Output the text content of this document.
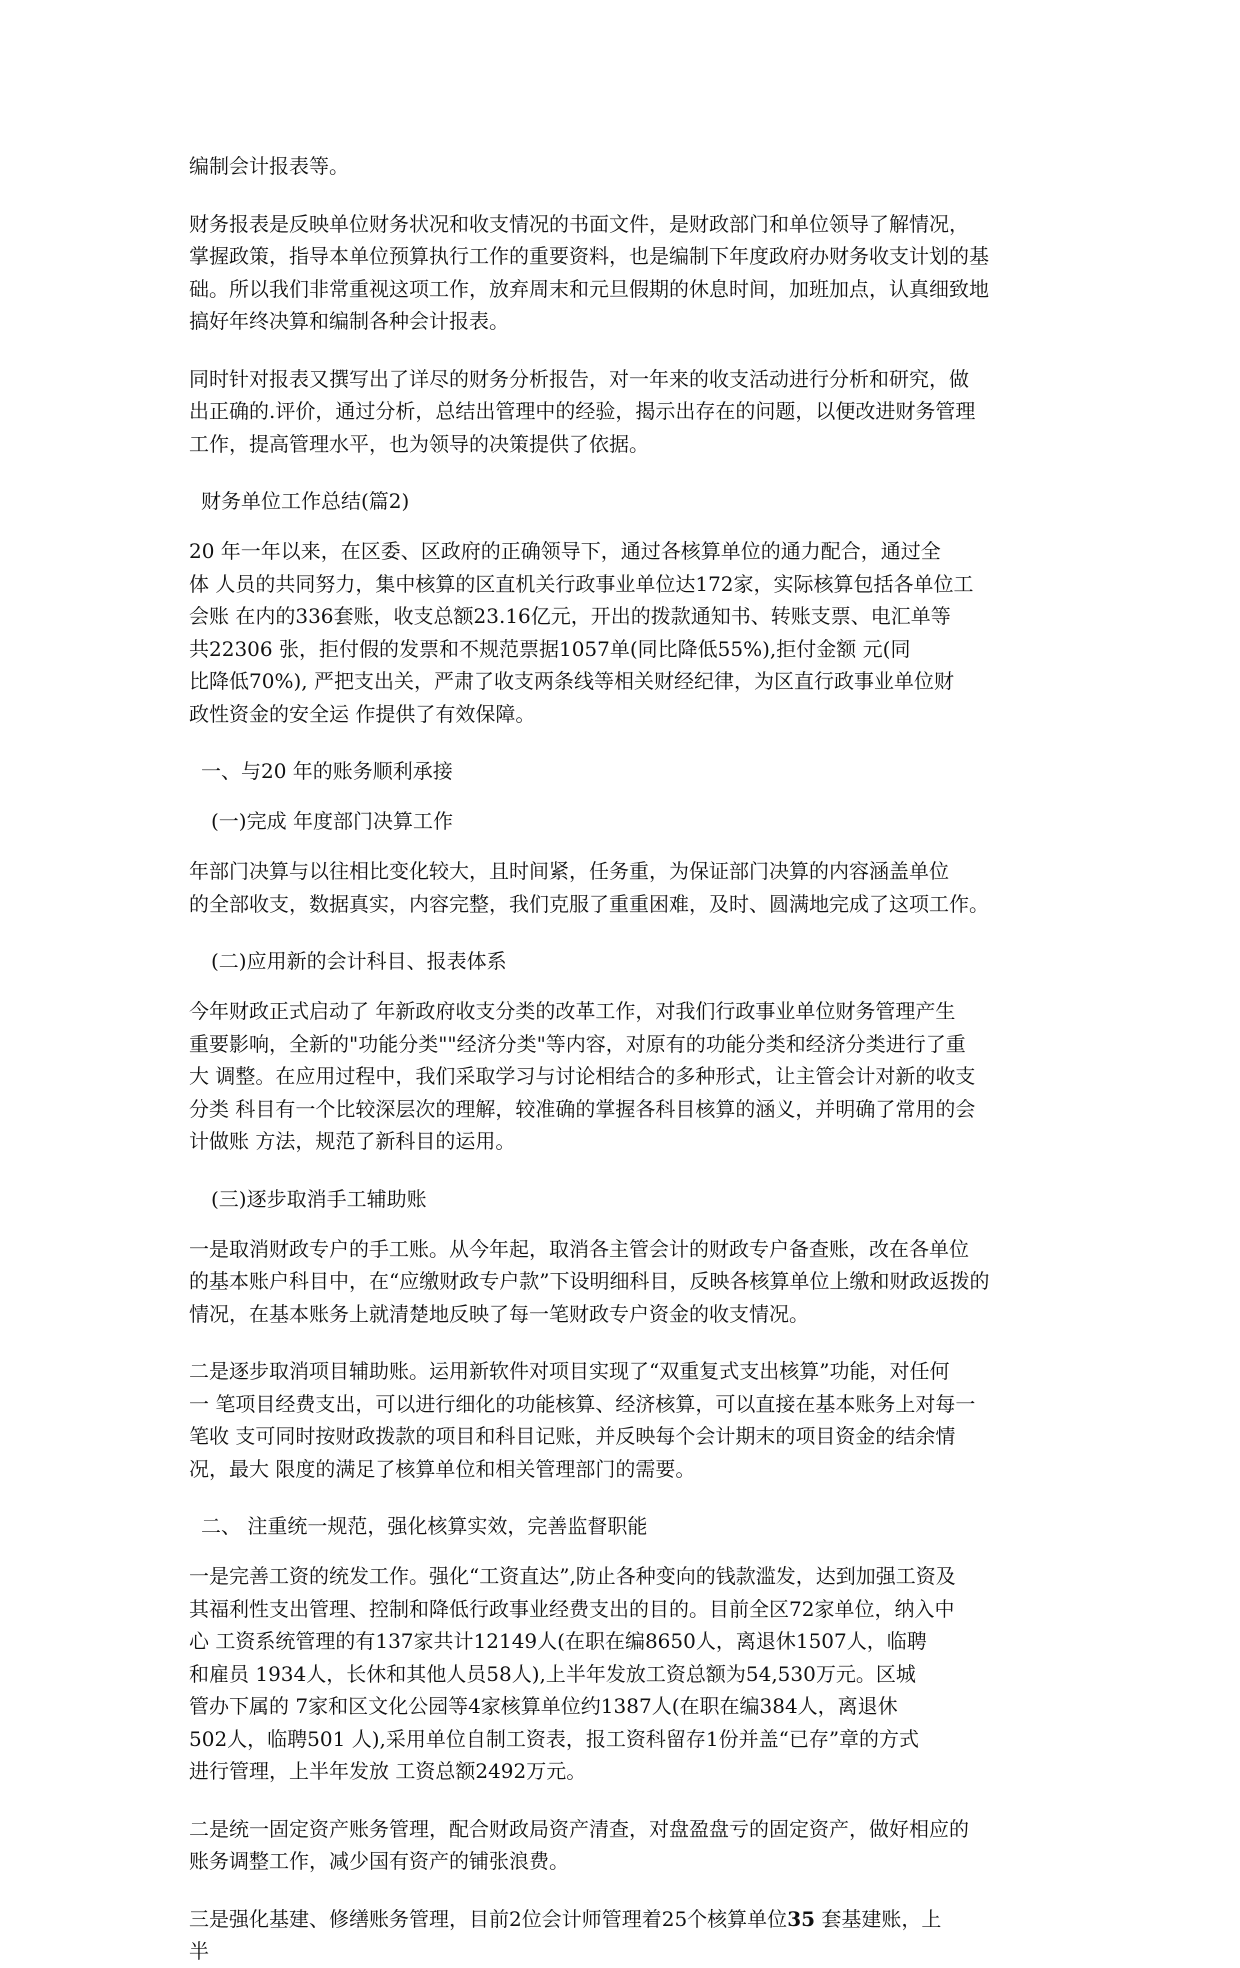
编制会计报表等。
财务报表是反映单位财务状况和收支情况的书面文件，是财政部门和单位领导了解情况，
掌握政策，指导本单位预算执行工作的重要资料，也是编制下年度政府办财务收支计划的基
础。所以我们非常重视这项工作，放弃周末和元旦假期的休息时间，加班加点，认真细致地
搞好年终决算和编制各种会计报表。
同时针对报表又撰写出了详尽的财务分析报告，对一年来的收支活动进行分析和研究，做
出正确的.评价，通过分析，总结出管理中的经验，揭示出存在的问题，以便改进财务管理
工作，提高管理水平，也为领导的决策提供了依据。
财务单位工作总结(篇2)
20 年一年以来，在区委、区政府的正确领导下，通过各核算单位的通力配合，通过全
体 人员的共同努力，集中核算的区直机关行政事业单位达172家，实际核算包括各单位工
会账 在内的336套账，收支总额23.16亿元，开出的拨款通知书、转账支票、电汇单等
共22306 张，拒付假的发票和不规范票据1057单(同比降低55%),拒付金额 元(同
比降低70%), 严把支出关，严肃了收支两条线等相关财经纪律，为区直行政事业单位财
政性资金的安全运 作提供了有效保障。
一、与20 年的账务顺利承接
(一)完成 年度部门决算工作
年部门决算与以往相比变化较大，且时间紧，任务重，为保证部门决算的内容涵盖单位
的全部收支，数据真实，内容完整，我们克服了重重困难，及时、圆满地完成了这项工作。
(二)应用新的会计科目、报表体系
今年财政正式启动了 年新政府收支分类的改革工作，对我们行政事业单位财务管理产生
重要影响，全新的"功能分类""经济分类"等内容，对原有的功能分类和经济分类进行了重
大 调整。在应用过程中，我们采取学习与讨论相结合的多种形式，让主管会计对新的收支
分类 科目有一个比较深层次的理解，较准确的掌握各科目核算的涵义，并明确了常用的会
计做账 方法，规范了新科目的运用。
(三)逐步取消手工辅助账
一是取消财政专户的手工账。从今年起，取消各主管会计的财政专户备查账，改在各单位
的基本账户科目中，在“应缴财政专户款”下设明细科目，反映各核算单位上缴和财政返拨的
情况，在基本账务上就清楚地反映了每一笔财政专户资金的收支情况。
二是逐步取消项目辅助账。运用新软件对项目实现了“双重复式支出核算”功能，对任何
一 笔项目经费支出，可以进行细化的功能核算、经济核算，可以直接在基本账务上对每一
笔收 支可同时按财政拨款的项目和科目记账，并反映每个会计期末的项目资金的结余情
况，最大 限度的满足了核算单位和相关管理部门的需要。
二、 注重统一规范，强化核算实效，完善监督职能
一是完善工资的统发工作。强化“工资直达”,防止各种变向的钱款滥发，达到加强工资及
其福利性支出管理、控制和降低行政事业经费支出的目的。目前全区72家单位，纳入中
心 工资系统管理的有137家共计12149人(在职在编8650人，离退休1507人，临聘
和雇员 1934人，长休和其他人员58人),上半年发放工资总额为54,530万元。区城
管办下属的 7家和区文化公园等4家核算单位约1387人(在职在编384人，离退休
502人，临聘501 人),采用单位自制工资表，报工资科留存1份并盖“已存”章的方式
进行管理，上半年发放 工资总额2492万元。
二是统一固定资产账务管理，配合财政局资产清查，对盘盈盘亏的固定资产，做好相应的
账务调整工作，减少国有资产的铺张浪费。
三是强化基建、修缮账务管理，目前2位会计师管理着25个核算单位35 套基建账，上
半
